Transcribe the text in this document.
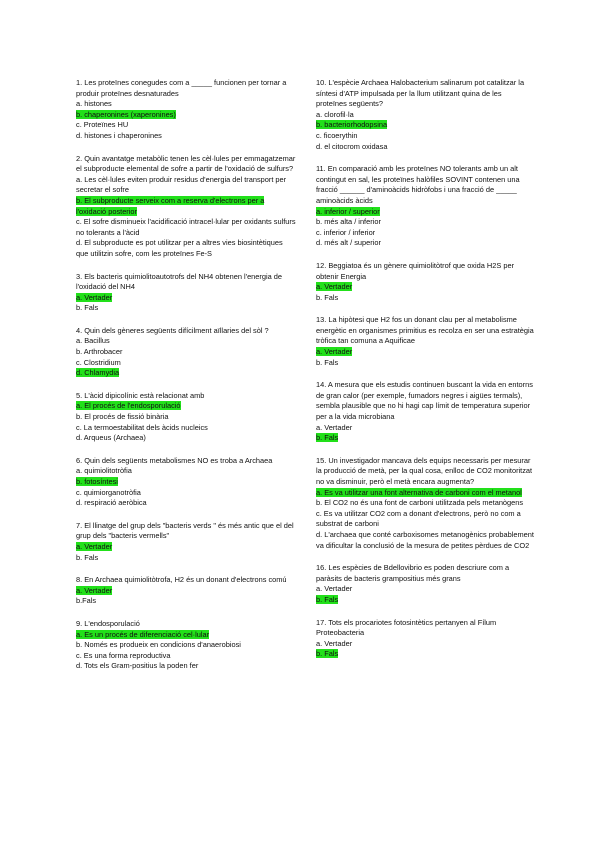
1. Les proteïnes conegudes com a _____ funcionen per tornar a produir proteïnes desnaturades

a. histones
b. chaperonines (xaperonines)
c. Proteïnes HU
d. histones i chaperonines

2. Quin avantatge metabòlic tenen les cèl·lules per emmagatzemar el subproducte elemental de sofre a partir de l'oxidació de sulfurs?

a. Les cèl·lules eviten produir residus d'energia del transport per secretar el sofre
b. El subproducte serveix com a reserva d'electrons per a l'oxidació posterior
c. El sofre disminueix l'acidificació intracel·lular per oxidants sulfurs no tolerants a l'àcid
d. El subproducte es pot utilitzar per a altres vies biosintètiques que utilitzin sofre, com les proteïnes Fe-S

3. Els bacteris quimiolitoautotrofs del NH4 obtenen l'energia de l'oxidació del NH4

a. Vertader
b. Fals

4. Quin dels gèneres següents difícilment aïllaries del sòl ?

a. Bacillus
b. Arthrobacer
c. Clostridium
d. Chlamydia

5. L'àcid dipicolínic està relacionat amb

a. El procés de l'endosporulació
b. El procés de fissió binària
c. La termoestabilitat dels àcids nucleics
d. Arqueus (Archaea)

6. Quin dels següents metabolismes NO es troba a Archaea

a. quimiolitotròfia
b. fotosíntesi
c. quimiorganotròfia
d. respiració aeròbica

7. El llinatge del grup dels "bacteris verds " és més antic que el del grup dels "bacteris vermells"

a. Vertader
b. Fals

8. En Archaea quimiolitòtrofa, H2 és un donant d'electrons comú

a. Vertader
b.Fals

9. L'endosporulació

a. Es un procés de diferenciació cel·lular
b. Només es produeix en condicions d'anaerobiosi
c. Es una forma reproductiva
d. Tots els Gram-positius la poden fer

10. L'espècie Archaea Halobacterium salinarum pot catalitzar la síntesi d'ATP impulsada per la llum utilitzant quina de les proteïnes següents?

a. clorofil·la
b. bacteriorhodopsina
c. ficoerythin
d. el citocrom oxidasa

11. En comparació amb les proteïnes NO tolerants amb un alt contingut en sal, les proteïnes halòfiles SOVINT contenen una fracció ______ d'aminoàcids hidròfobs i una fracció de _____ aminoàcids àcids

a. inferior / superior
b. més alta / inferior
c. inferior / inferior
d. més alt / superior

12. Beggiatoa és un gènere quimiolitòtrof que oxida H2S per obtenir Energia

a. Vertader
b. Fals

13. La hipòtesi que H2 fos un donant clau per al metabolisme energètic en organismes primitius es recolza en ser una estratègia tròfica tan comuna a Aquificae

a. Vertader
b. Fals

14. A mesura que els estudis continuen buscant la vida en entorns de gran calor (per exemple, fumadors negres i aigües termals), sembla plausible que no hi hagi cap límit de temperatura superior per a la vida microbiana

a. Vertader
b. Fals

15. Un investigador mancava dels equips necessaris per mesurar la producció de metà, per la qual cosa, enlloc de CO2 monitoritzat no va disminuir, però el metà encara augmenta?

a. Es va utilitzar una font alternativa de carboni com el metanol
b. El CO2 no és una font de carboni utilitzada pels metanògens
c. Es va utilitzar CO2 com a donant d'electrons, però no com a substrat de carboni
d. L'archaea que conté carboxisomes metanogènics probablement va dificultar la conclusió de la mesura de petites pèrdues de CO2

16. Les espècies de Bdellovibrio es poden descriure com a paràsits de bacteris grampositius més grans

a. Vertader
b. Fals

17. Tots els procariotes fotosintètics pertanyen al Fílum Proteobacteria

a. Vertader
b. Fals
